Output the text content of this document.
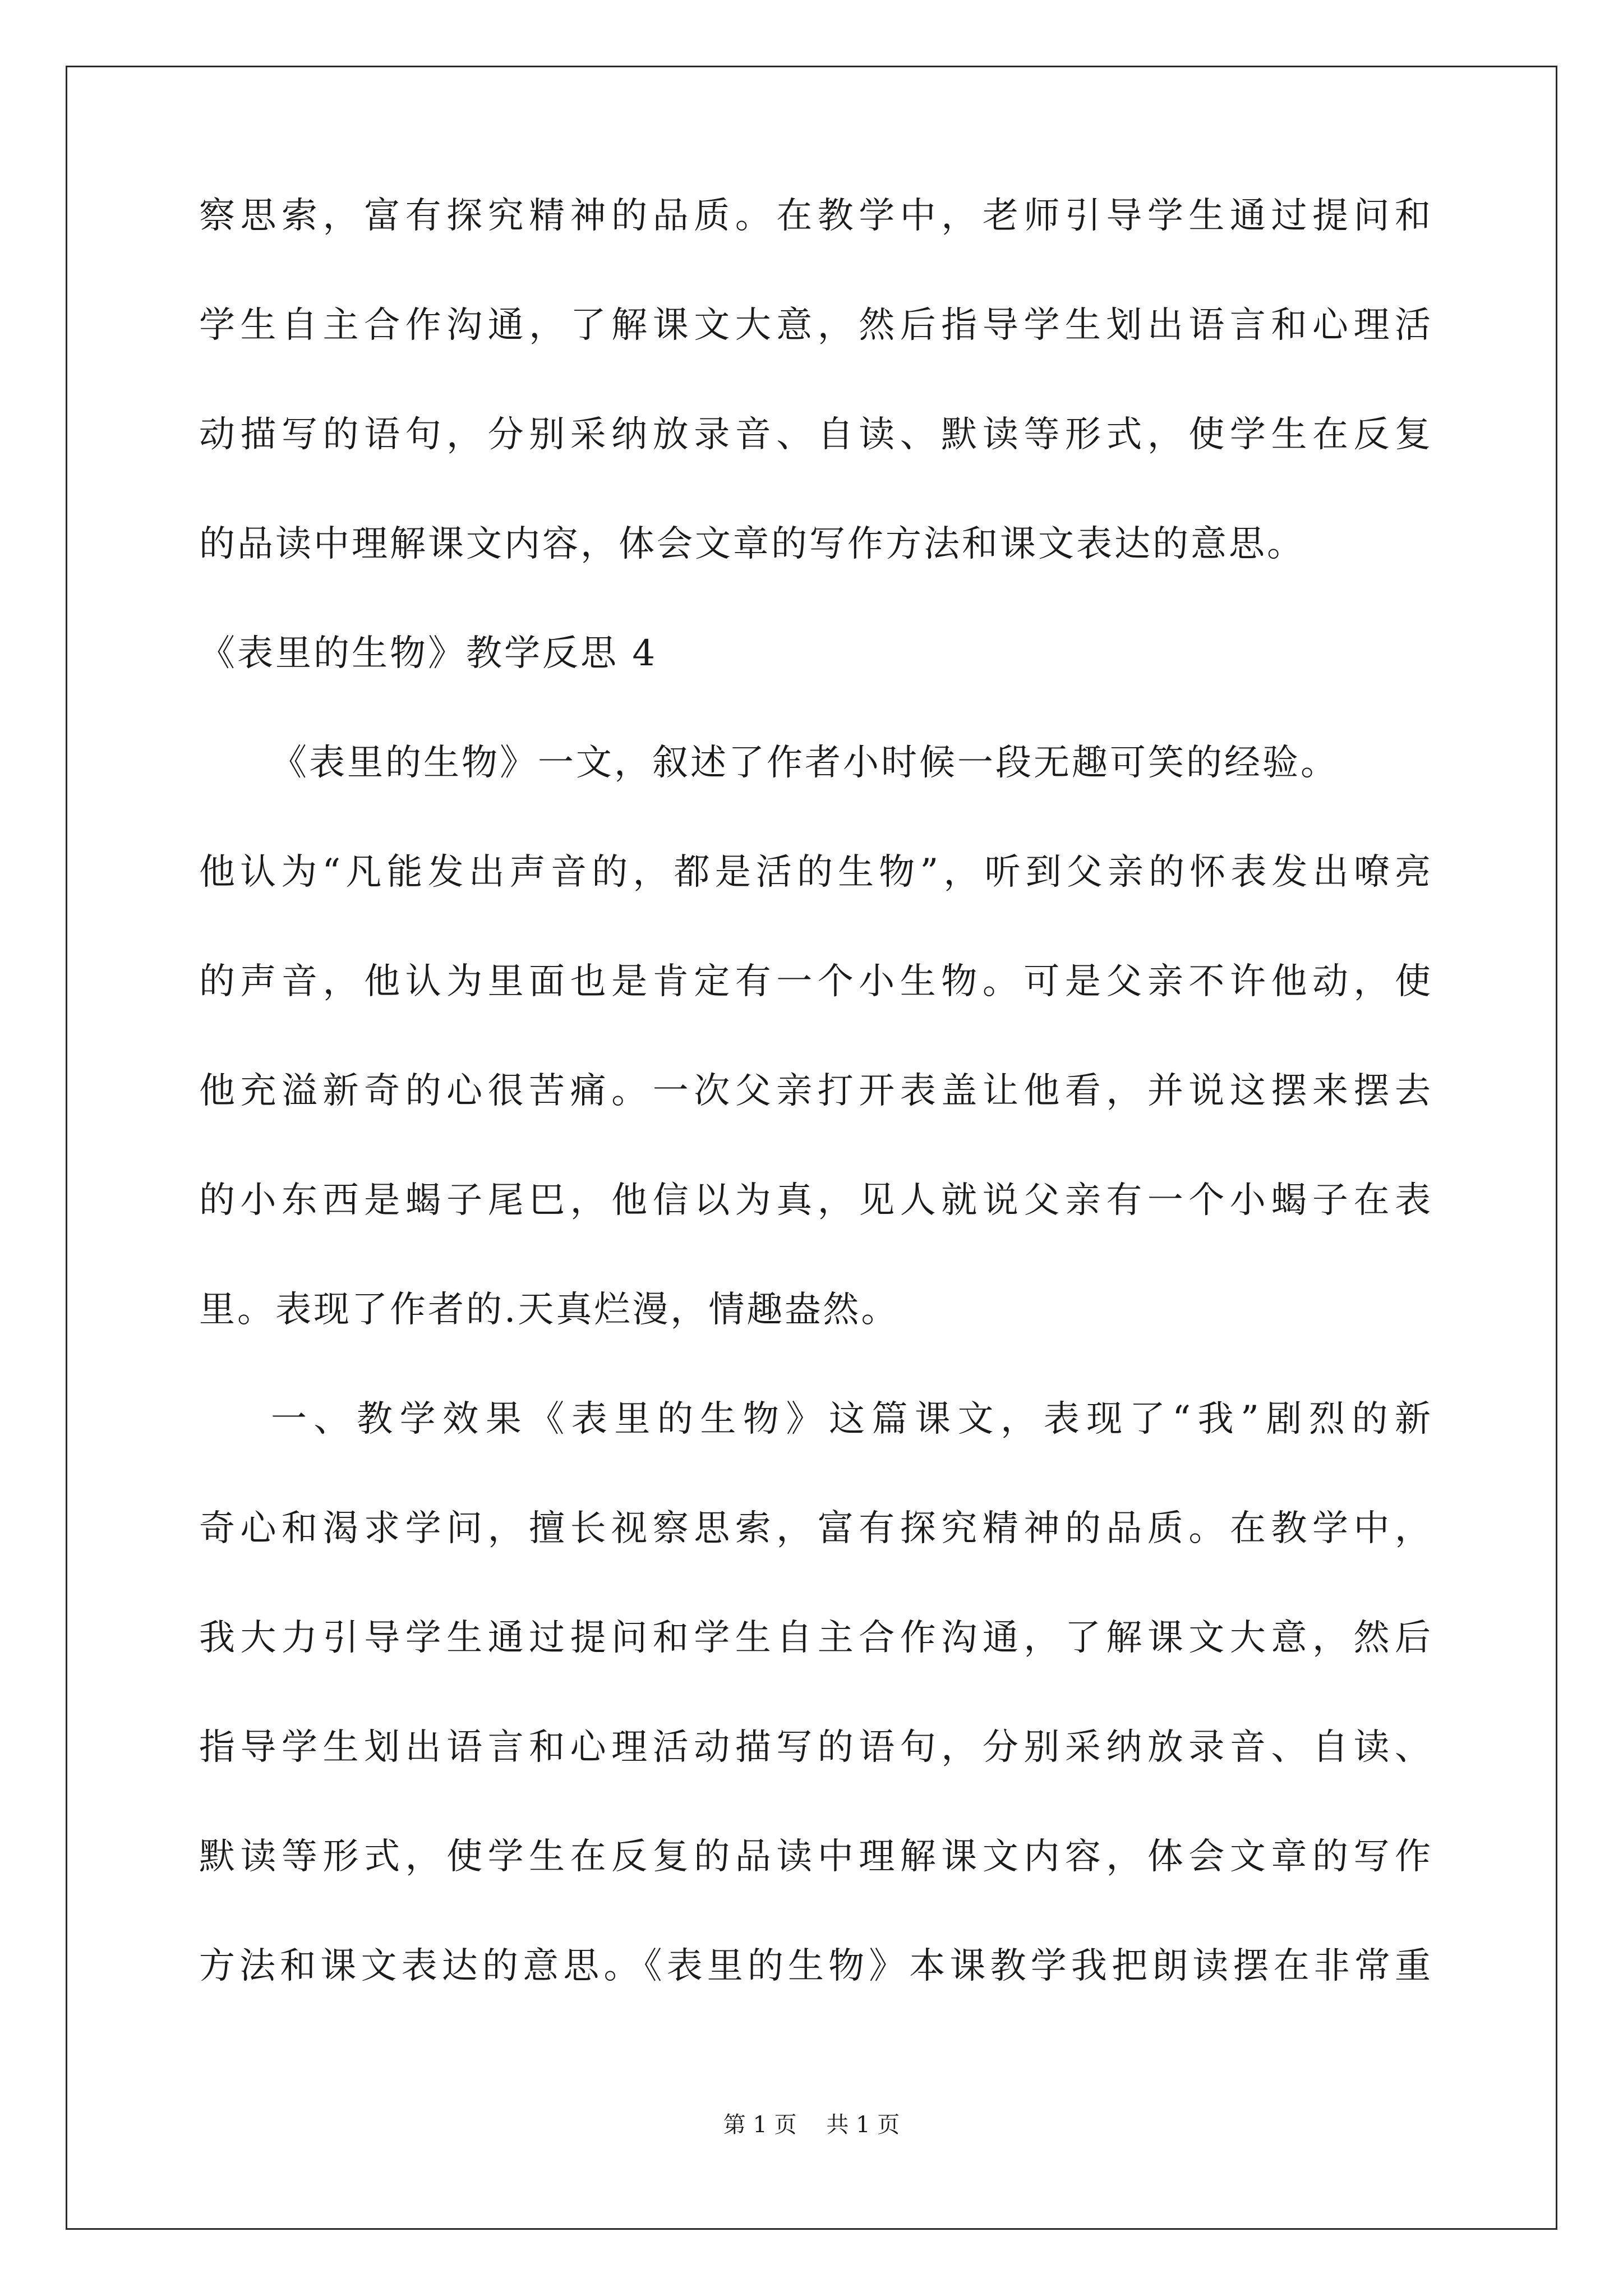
察思索，富有探究精神的品质。在教学中，老师引导学生通过提问和
学生自主合作沟通，了解课文大意，然后指导学生划出语言和心理活
动描写的语句，分别采纳放录音、自读、默读等形式，使学生在反复
的品读中理解课文内容，体会文章的写作方法和课文表达的意思。
《表里的生物》教学反思 4
《表里的生物》一文，叙述了作者小时候一段无趣可笑的经验。
他认为“凡能发出声音的，都是活的生物”，听到父亲的怀表发出嘹亮
的声音，他认为里面也是肯定有一个小生物。可是父亲不许他动，使
他充溢新奇的心很苦痛。一次父亲打开表盖让他看，并说这摆来摆去
的小东西是蝎子尾巴，他信以为真，见人就说父亲有一个小蝎子在表
里。表现了作者的.天真烂漫，情趣盎然。
一、教学效果《表里的生物》这篇课文，表现了“我”剧烈的新
奇心和渴求学问，擅长视察思索，富有探究精神的品质。在教学中，
我大力引导学生通过提问和学生自主合作沟通，了解课文大意，然后
指导学生划出语言和心理活动描写的语句，分别采纳放录音、自读、
默读等形式，使学生在反复的品读中理解课文内容，体会文章的写作
方法和课文表达的意思。《表里的生物》本课教学我把朗读摆在非常重
第 1 页 共 1 页
